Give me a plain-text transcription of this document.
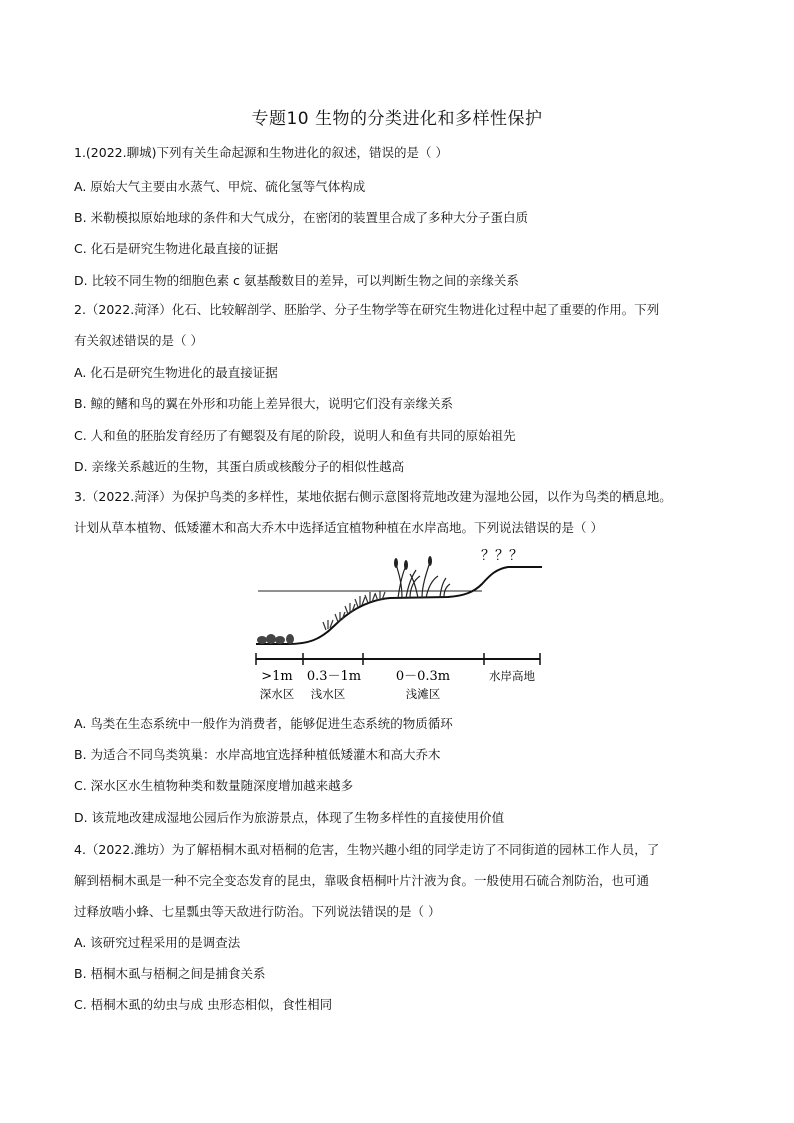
专题10 生物的分类进化和多样性保护
1.(2022.聊城)下列有关生命起源和生物进化的叙述，错误的是（ ）
A. 原始大气主要由水蒸气、甲烷、硫化氢等气体构成
B. 米勒模拟原始地球的条件和大气成分，在密闭的装置里合成了多种大分子蛋白质
C. 化石是研究生物进化最直接的证据
D. 比较不同生物的细胞色素 c 氨基酸数目的差异，可以判断生物之间的亲缘关系
2.（2022.菏泽）化石、比较解剖学、胚胎学、分子生物学等在研究生物进化过程中起了重要的作用。下列
有关叙述错误的是（ ）
A. 化石是研究生物进化的最直接证据
B. 鲸的鳍和鸟的翼在外形和功能上差异很大，说明它们没有亲缘关系
C. 人和鱼的胚胎发育经历了有鳃裂及有尾的阶段，说明人和鱼有共同的原始祖先
D. 亲缘关系越近的生物，其蛋白质或核酸分子的相似性越高
3.（2022.菏泽）为保护鸟类的多样性，某地依据右侧示意图将荒地改建为湿地公园，以作为鸟类的栖息地。
计划从草本植物、低矮灌木和高大乔木中选择适宜植物种植在水岸高地。下列说法错误的是（ ）
？？？
>1m 0.3－1m	0－0.3m
深水区 浅水区	浅滩区
水岸高地
A. 鸟类在生态系统中一般作为消费者，能够促进生态系统的物质循环
B. 为适合不同鸟类筑巢：水岸高地宜选择种植低矮灌木和高大乔木
C. 深水区水生植物种类和数量随深度增加越来越多
D. 该荒地改建成湿地公园后作为旅游景点，体现了生物多样性的直接使用价值
4.（2022.潍坊）为了解梧桐木虱对梧桐的危害，生物兴趣小组的同学走访了不同街道的园林工作人员，了
解到梧桐木虱是一种不完全变态发育的昆虫，靠吸食梧桐叶片汁液为食。一般使用石硫合剂防治，也可通
过释放啮小蜂、七星瓢虫等天敌进行防治。下列说法错误的是（ ）
A. 该研究过程采用的是调查法
B. 梧桐木虱与梧桐之间是捕食关系
C. 梧桐木虱的幼虫与成 虫形态相似，食性相同
